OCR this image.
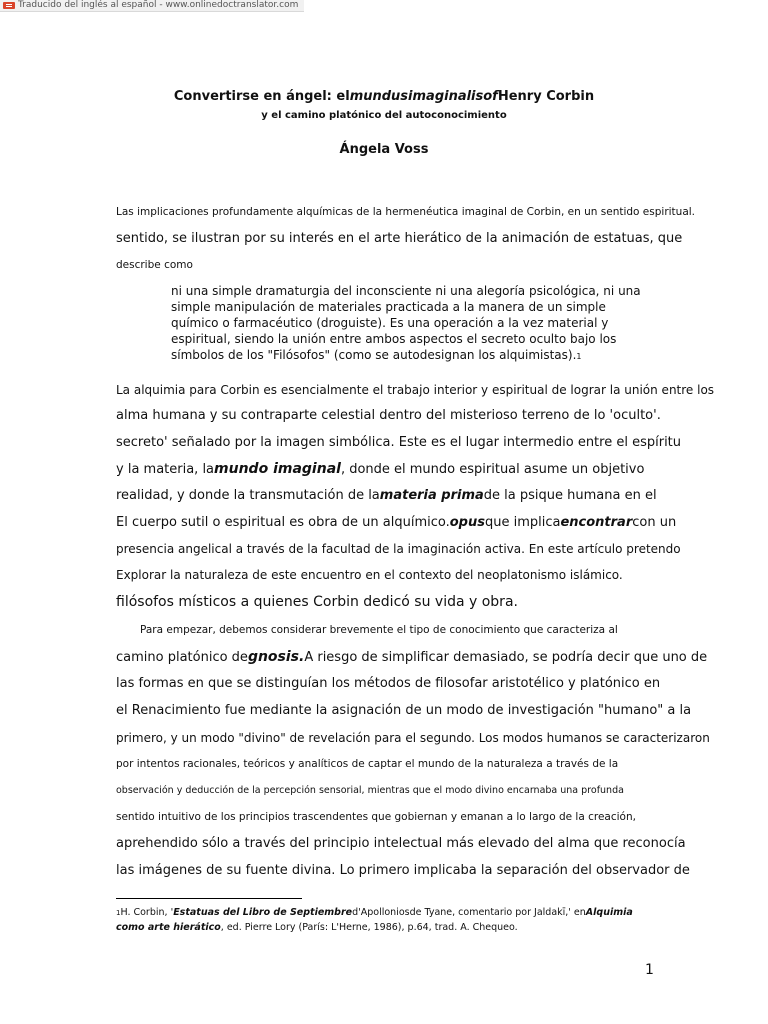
Traducido del inglés al español - www.onlinedoctranslator.com
Convertirse en ángel: elmundusimaginalisofHenry Corbin
y el camino platónico del autoconocimiento
Ángela Voss
Las implicaciones profundamente alquímicas de la hermenéutica imaginal de Corbin, en un sentido espiritual.
sentido, se ilustran por su interés en el arte hierático de la animación de estatuas, que
describe como
ni una simple dramaturgia del inconsciente ni una alegoría psicológica, ni una
simple manipulación de materiales practicada a la manera de un simple
químico o farmacéutico (droguiste). Es una operación a la vez material y
espiritual, siendo la unión entre ambos aspectos el secreto oculto bajo los
símbolos de los "Filósofos" (como se autodesignan los alquimistas).1
La alquimia para Corbin es esencialmente el trabajo interior y espiritual de lograr la unión entre los
alma humana y su contraparte celestial dentro del misterioso terreno de lo 'oculto'.
secreto' señalado por la imagen simbólica. Este es el lugar intermedio entre el espíritu
y la materia, lamundo imaginal, donde el mundo espiritual asume un objetivo
realidad, y donde la transmutación de lamateria primade la psique humana en el
El cuerpo sutil o espiritual es obra de un alquímico.opusque implicaencontrarcon un
presencia angelical a través de la facultad de la imaginación activa. En este artículo pretendo
Explorar la naturaleza de este encuentro en el contexto del neoplatonismo islámico.
filósofos místicos a quienes Corbin dedicó su vida y obra.
Para empezar, debemos considerar brevemente el tipo de conocimiento que caracteriza al
camino platónico degnosis.A riesgo de simplificar demasiado, se podría decir que uno de
las formas en que se distinguían los métodos de filosofar aristotélico y platónico en
el Renacimiento fue mediante la asignación de un modo de investigación "humano" a la
primero, y un modo "divino" de revelación para el segundo. Los modos humanos se caracterizaron
por intentos racionales, teóricos y analíticos de captar el mundo de la naturaleza a través de la
observación y deducción de la percepción sensorial, mientras que el modo divino encarnaba una profunda
sentido intuitivo de los principios trascendentes que gobiernan y emanan a lo largo de la creación,
aprehendido sólo a través del principio intelectual más elevado del alma que reconocía
las imágenes de su fuente divina. Lo primero implicaba la separación del observador de
1H. Corbin, 'Estatuas del Libro de Septiembred'Apolloniosde Tyane, comentario por Jaldakī,' enAlquimia
como arte hierático, ed. Pierre Lory (París: L'Herne, 1986), p.64, trad. A. Chequeo.
1
